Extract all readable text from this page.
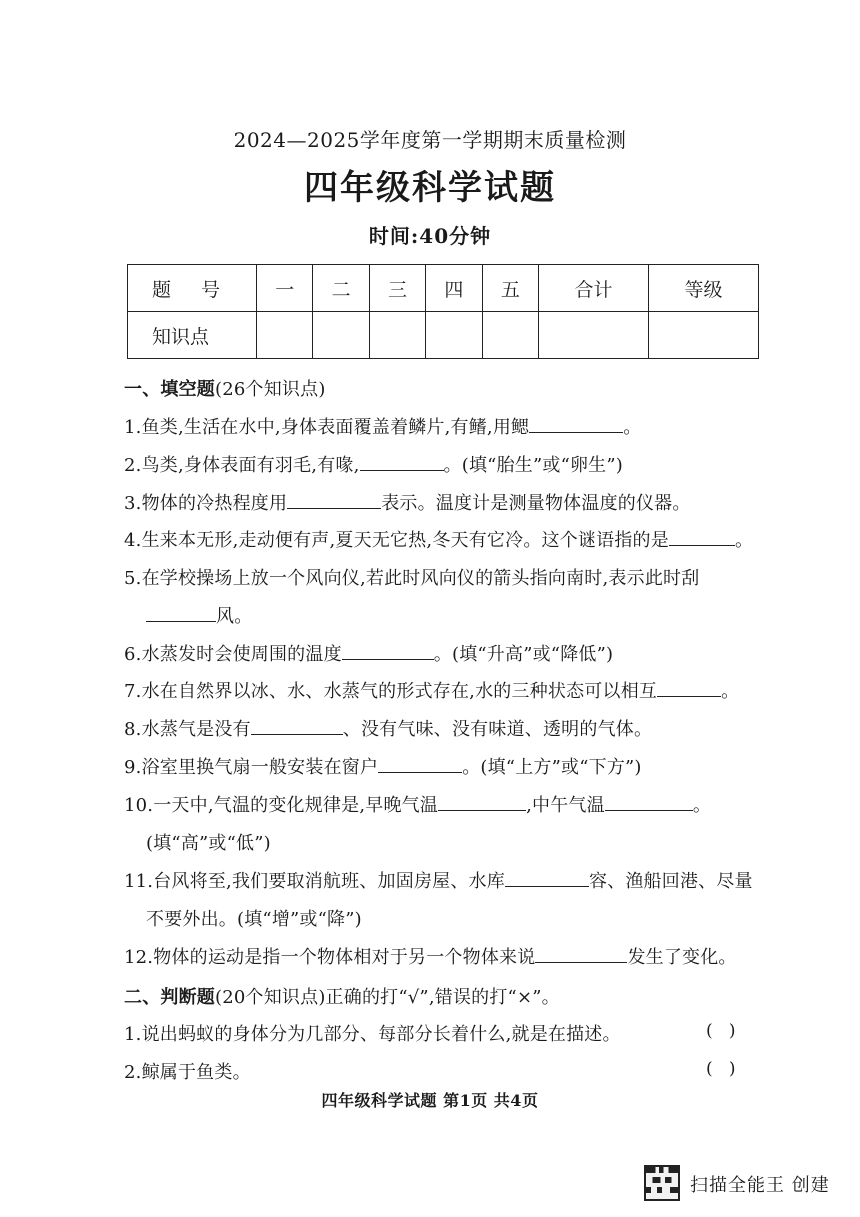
2024—2025学年度第一学期期末质量检测
四年级科学试题
时间:40分钟
题 号	一	二	三	四	五	合计	等级
知识点							
一、填空题(26个知识点)
1.鱼类,生活在水中,身体表面覆盖着鳞片,有鳍,用鳃	。
2.鸟类,身体表面有羽毛,有喙,	。(填“胎生”或“卵生”)
3.物体的冷热程度用	表示。温度计是测量物体温度的仪器。
4.生来本无形,走动便有声,夏天无它热,冬天有它冷。这个谜语指的是	。
5.在学校操场上放一个风向仪,若此时风向仪的箭头指向南时,表示此时刮
风。
6.水蒸发时会使周围的温度	。(填“升高”或“降低”)
7.水在自然界以冰、水、水蒸气的形式存在,水的三种状态可以相互	。
8.水蒸气是没有	、没有气味、没有味道、透明的气体。
9.浴室里换气扇一般安装在窗户	。(填“上方”或“下方”)
10.一天中,气温的变化规律是,早晚气温	,中午气温	。
(填“高”或“低”)
11.台风将至,我们要取消航班、加固房屋、水库	容、渔船回港、尽量
不要外出。(填“增”或“降”)
12.物体的运动是指一个物体相对于另一个物体来说	发生了变化。
二、判断题(20个知识点)正确的打“√”,错误的打“×”。
1.说出蚂蚁的身体分为几部分、每部分长着什么,就是在描述。	(   )
2.鲸属于鱼类。	(   )
四年级科学试题 第1页 共4页
扫描全能王 创建
